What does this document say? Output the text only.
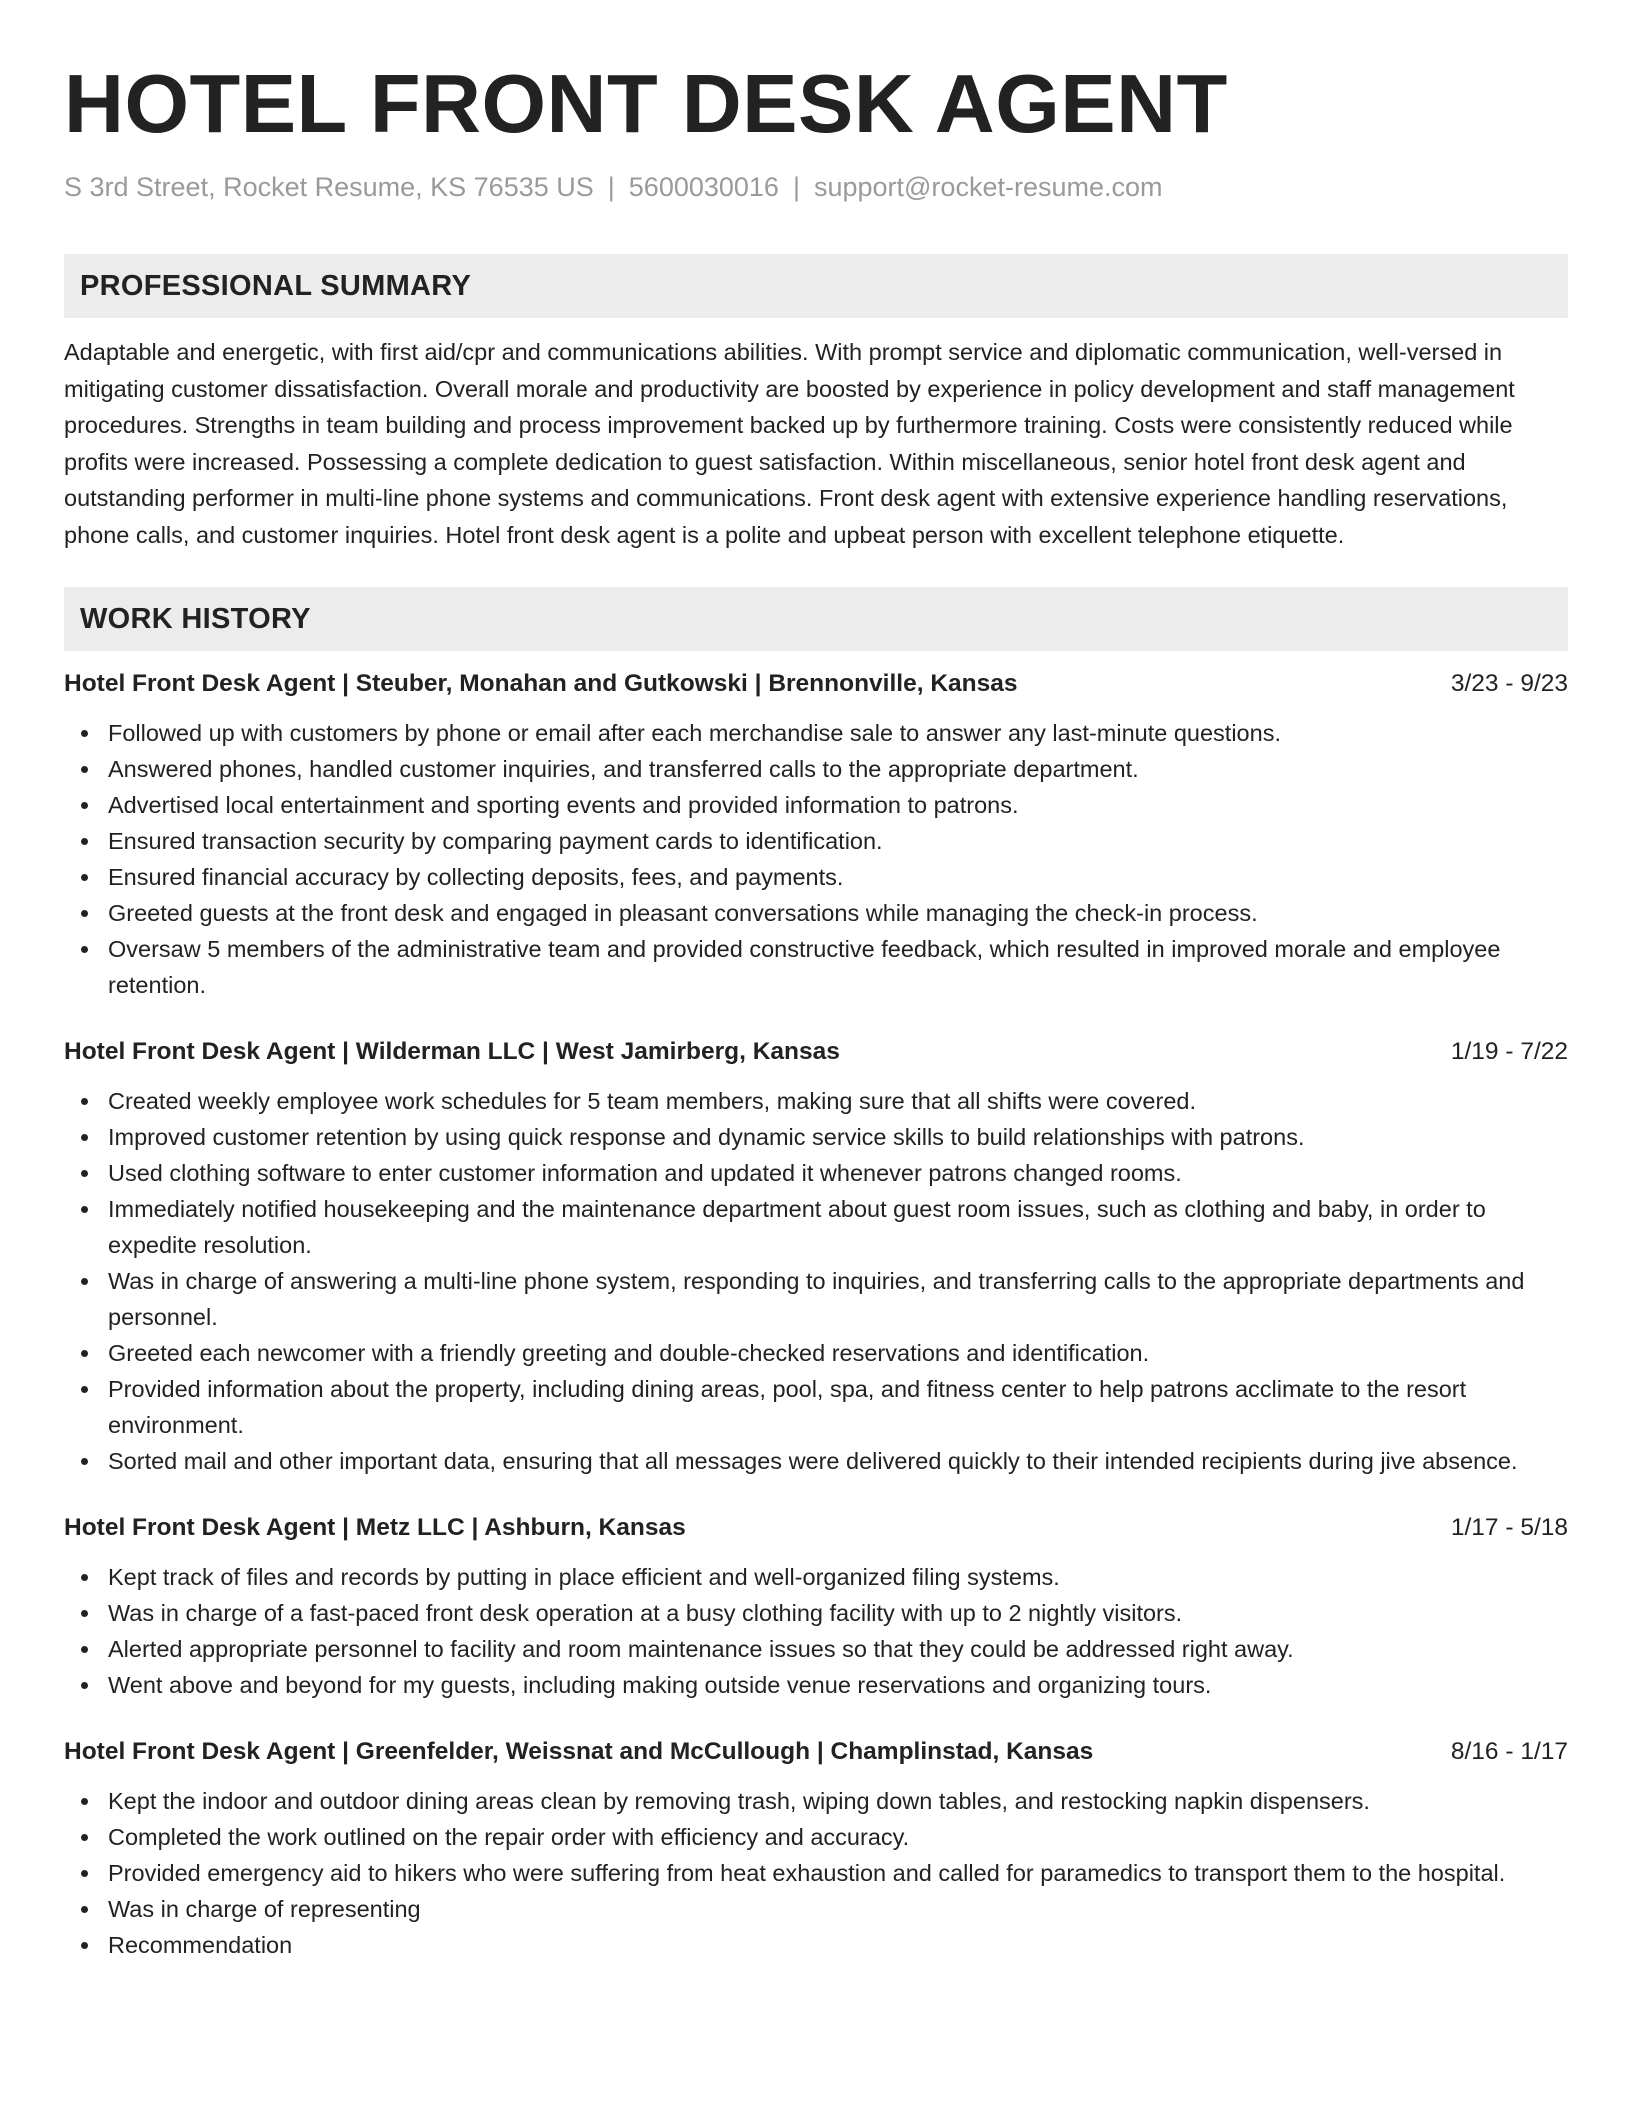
HOTEL FRONT DESK AGENT
S 3rd Street, Rocket Resume, KS 76535 US | 5600030016 | support@rocket-resume.com
PROFESSIONAL SUMMARY

Adaptable and energetic, with first aid/cpr and communications abilities. With prompt service and diplomatic communication, well-versed in mitigating customer dissatisfaction. Overall morale and productivity are boosted by experience in policy development and staff management procedures. Strengths in team building and process improvement backed up by furthermore training. Costs were consistently reduced while profits were increased. Possessing a complete dedication to guest satisfaction. Within miscellaneous, senior hotel front desk agent and outstanding performer in multi-line phone systems and communications. Front desk agent with extensive experience handling reservations, phone calls, and customer inquiries. Hotel front desk agent is a polite and upbeat person with excellent telephone etiquette.

WORK HISTORY
Hotel Front Desk Agent | Steuber, Monahan and Gutkowski | Brennonville, Kansas	3/23 - 9/23
Followed up with customers by phone or email after each merchandise sale to answer any last-minute questions.
Answered phones, handled customer inquiries, and transferred calls to the appropriate department.
Advertised local entertainment and sporting events and provided information to patrons.
Ensured transaction security by comparing payment cards to identification.
Ensured financial accuracy by collecting deposits, fees, and payments.
Greeted guests at the front desk and engaged in pleasant conversations while managing the check-in process.
Oversaw 5 members of the administrative team and provided constructive feedback, which resulted in improved morale and employee retention.
Hotel Front Desk Agent | Wilderman LLC | West Jamirberg, Kansas	1/19 - 7/22
Created weekly employee work schedules for 5 team members, making sure that all shifts were covered.
Improved customer retention by using quick response and dynamic service skills to build relationships with patrons.
Used clothing software to enter customer information and updated it whenever patrons changed rooms.
Immediately notified housekeeping and the maintenance department about guest room issues, such as clothing and baby, in order to expedite resolution.
Was in charge of answering a multi-line phone system, responding to inquiries, and transferring calls to the appropriate departments and personnel.
Greeted each newcomer with a friendly greeting and double-checked reservations and identification.
Provided information about the property, including dining areas, pool, spa, and fitness center to help patrons acclimate to the resort environment.
Sorted mail and other important data, ensuring that all messages were delivered quickly to their intended recipients during jive absence.
Hotel Front Desk Agent | Metz LLC | Ashburn, Kansas	1/17 - 5/18
Kept track of files and records by putting in place efficient and well-organized filing systems.
Was in charge of a fast-paced front desk operation at a busy clothing facility with up to 2 nightly visitors.
Alerted appropriate personnel to facility and room maintenance issues so that they could be addressed right away.
Went above and beyond for my guests, including making outside venue reservations and organizing tours.
Hotel Front Desk Agent | Greenfelder, Weissnat and McCullough | Champlinstad, Kansas	8/16 - 1/17
Kept the indoor and outdoor dining areas clean by removing trash, wiping down tables, and restocking napkin dispensers.
Completed the work outlined on the repair order with efficiency and accuracy.
Provided emergency aid to hikers who were suffering from heat exhaustion and called for paramedics to transport them to the hospital.
Was in charge of representing
Recommendation
